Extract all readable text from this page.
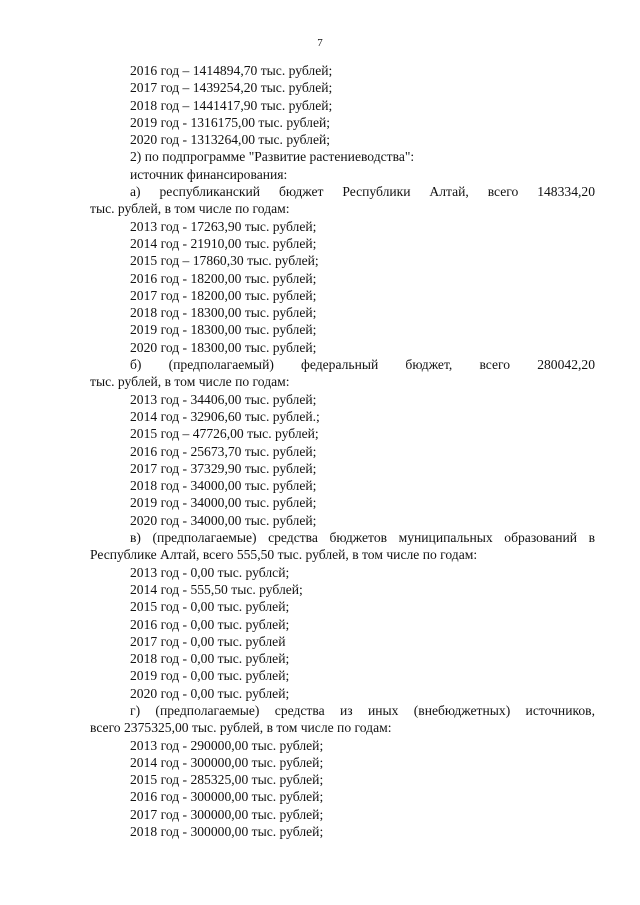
7
2016 год – 1414894,70 тыс. рублей;
2017 год – 1439254,20 тыс. рублей;
2018 год – 1441417,90 тыс. рублей;
2019 год - 1316175,00 тыс. рублей;
2020 год - 1313264,00 тыс. рублей;
2) по подпрограмме "Развитие растениеводства":
источник финансирования:
а) республиканский бюджет Республики Алтай, всего 148334,20
тыс. рублей, в том числе по годам:
2013 год - 17263,90 тыс. рублей;
2014 год - 21910,00 тыс. рублей;
2015 год – 17860,30 тыс. рублей;
2016 год - 18200,00 тыс. рублей;
2017 год - 18200,00 тыс. рублей;
2018 год - 18300,00 тыс. рублей;
2019 год - 18300,00 тыс. рублей;
2020 год - 18300,00 тыс. рублей;
б) (предполагаемый) федеральный бюджет, всего 280042,20
тыс. рублей, в том числе по годам:
2013 год - 34406,00 тыс. рублей;
2014 год - 32906,60 тыс. рублей.;
2015 год – 47726,00 тыс. рублей;
2016 год - 25673,70 тыс. рублей;
2017 год - 37329,90 тыс. рублей;
2018 год - 34000,00 тыс. рублей;
2019 год - 34000,00 тыс. рублей;
2020 год - 34000,00 тыс. рублей;
в) (предполагаемые) средства бюджетов муниципальных образований в
Республике Алтай, всего 555,50 тыс. рублей, в том числе по годам:
2013 год - 0,00 тыс. рублсй;
2014 год - 555,50 тыс. рублей;
2015 год - 0,00 тыс. рублей;
2016 год - 0,00 тыс. рублей;
2017 год - 0,00 тыс. рублей
2018 год - 0,00 тыс. рублей;
2019 год - 0,00 тыс. рублей;
2020 год - 0,00 тыс. рублей;
г) (предполагаемые) средства из иных (внебюджетных) источников,
всего 2375325,00 тыс. рублей, в том числе по годам:
2013 год - 290000,00 тыс. рублей;
2014 год - 300000,00 тыс. рублей;
2015 год - 285325,00 тыс. рублей;
2016 год - 300000,00 тыс. рублей;
2017 год - 300000,00 тыс. рублей;
2018 год - 300000,00 тыс. рублей;
